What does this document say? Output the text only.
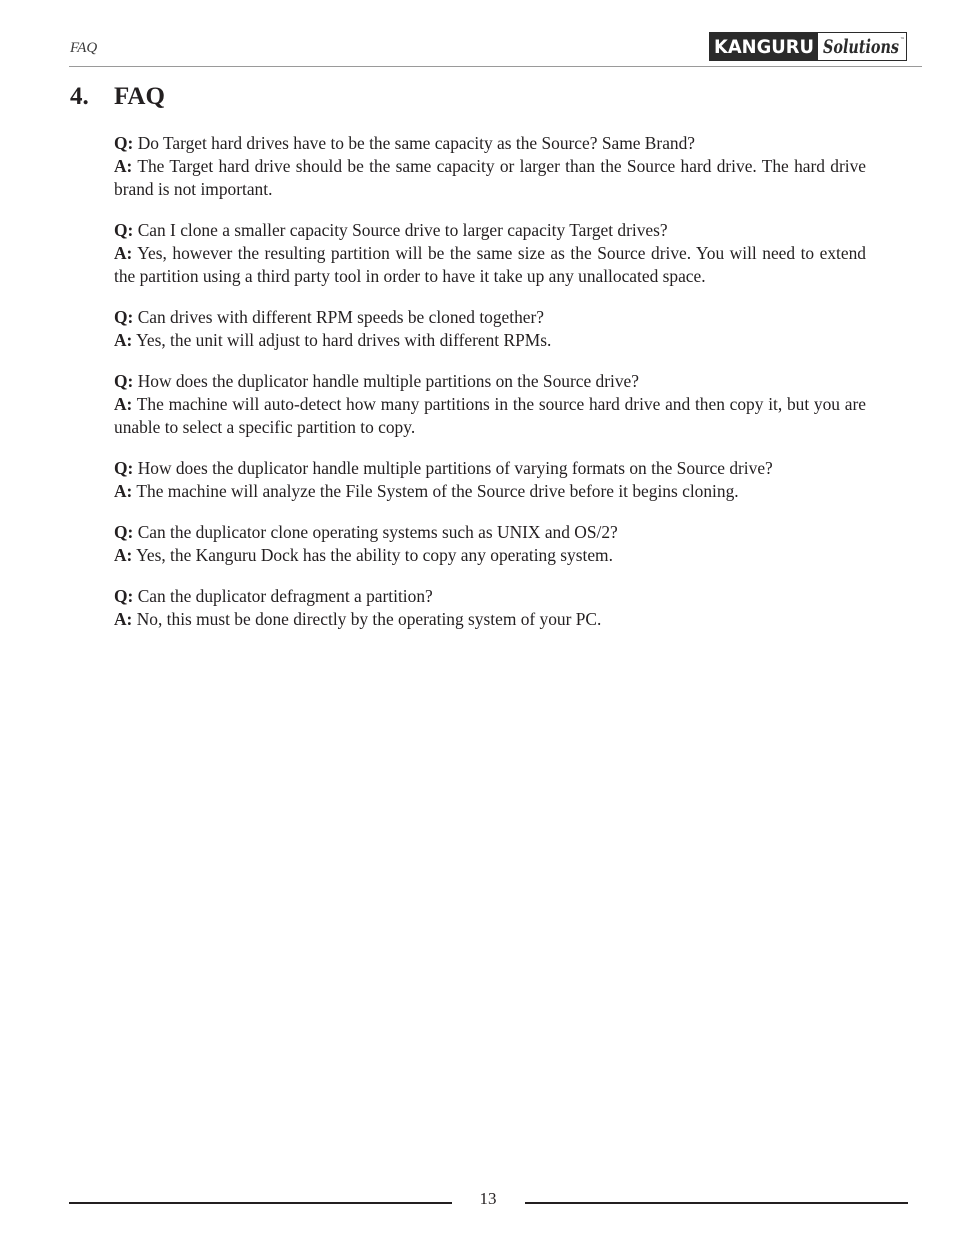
FAQ	KANGURU Solutions ™
4. FAQ

Q: Do Target hard drives have to be the same capacity as the Source? Same Brand?

A: The Target hard drive should be the same capacity or larger than the Source hard drive. The hard drive brand is not important.

Q: Can I clone a smaller capacity Source drive to larger capacity Target drives?

A: Yes, however the resulting partition will be the same size as the Source drive. You will need to extend the partition using a third party tool in order to have it take up any unallocated space.

Q: Can drives with different RPM speeds be cloned together?

A: Yes, the unit will adjust to hard drives with different RPMs.

Q: How does the duplicator handle multiple partitions on the Source drive?

A: The machine will auto-detect how many partitions in the source hard drive and then copy it, but you are unable to select a specific partition to copy.

Q: How does the duplicator handle multiple partitions of varying formats on the Source drive?

A: The machine will analyze the File System of the Source drive before it begins cloning.

Q: Can the duplicator clone operating systems such as UNIX and OS/2?

A: Yes, the Kanguru Dock has the ability to copy any operating system.

Q: Can the duplicator defragment a partition?

A: No, this must be done directly by the operating system of your PC.

13
